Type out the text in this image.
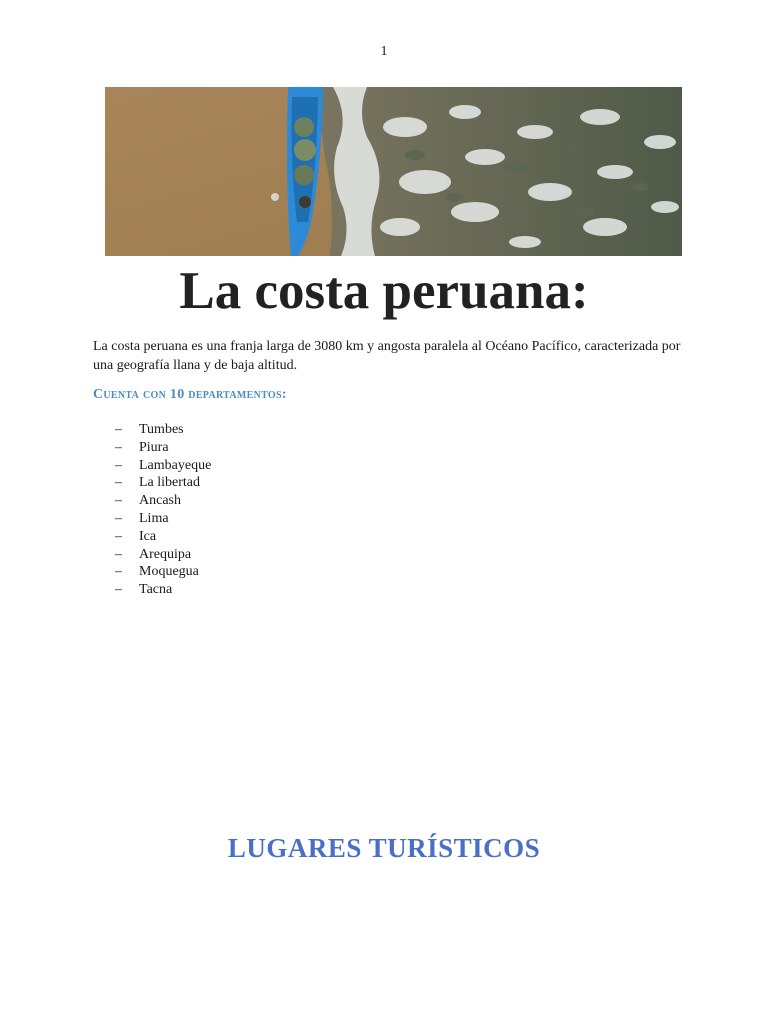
1
La costa peruana:

La costa peruana es una franja larga de 3080 km y angosta paralela al Océano Pacífico, caracterizada por una geografía llana y de baja altitud.

Cuenta con 10 departamentos:
–	Tumbes
–	Piura
–	Lambayeque
–	La libertad
–	Ancash
–	Lima
–	Ica
–	Arequipa
–	Moquegua
–	Tacna
LUGARES TURÍSTICOS
